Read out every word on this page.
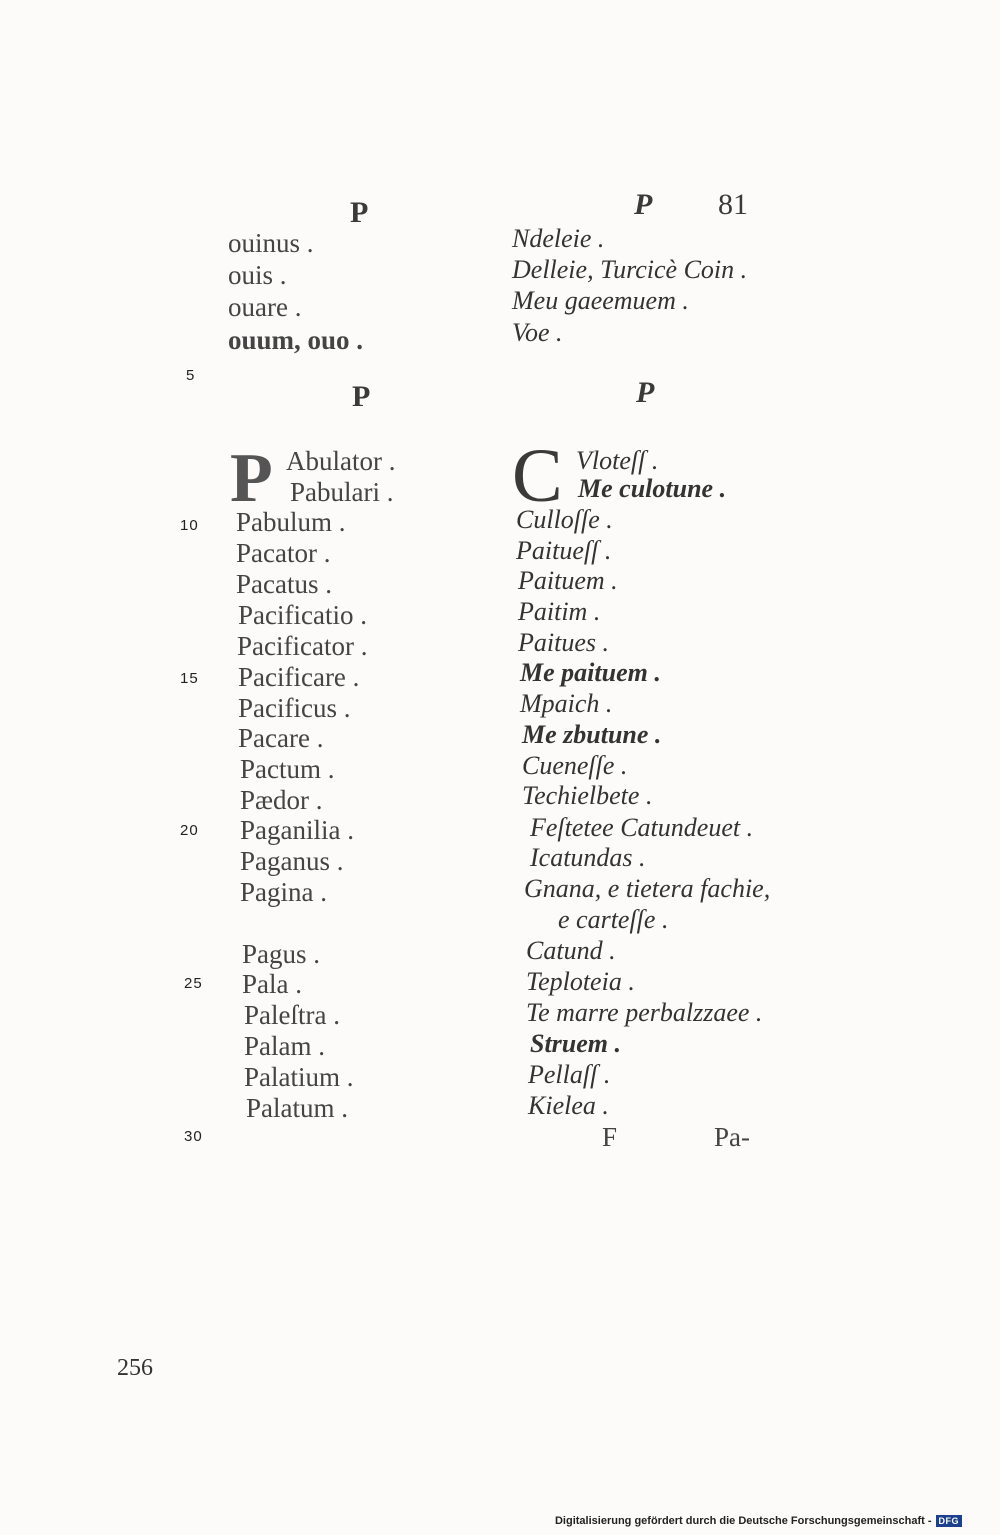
P	P 81
ouinus .
ouis .
ouare .
ouum, ouo .
Ndeleie .
Delleie, Turcicè Coin .
Meu gaeemuem .
Voe .
5
P	P
P	C
Abulator .
Pabulari .
Pabulum .
Pacator .
Pacatus .
Pacificatio .
Pacificator .
Pacificare .
Pacificus .
Pacare .
Pactum .
Pædor .
Paganilia .
Paganus .
Pagina .
Pagus .
Pala .
Paleſtra .
Palam .
Palatium .
Palatum .
Vloteſſ .
Me culotune .
Culloſſe .
Paitueſſ .
Paituem .
Paitim .
Paitues .
Me paituem .
Mpaich .
Me zbutune .
Cueneſſe .
Techielbete .
Feſtetee Catundeuet .
Icatundas .
Gnana, e tietera fachie,
e carteſſe .
Catund .
Teploteia .
Te marre perbalzzaee .
Struem .
Pellaſſ .
Kielea .
10
15
20
25
30	F	Pa-
256
Digitalisierung gefördert durch die Deutsche Forschungsgemeinschaft - DFG
